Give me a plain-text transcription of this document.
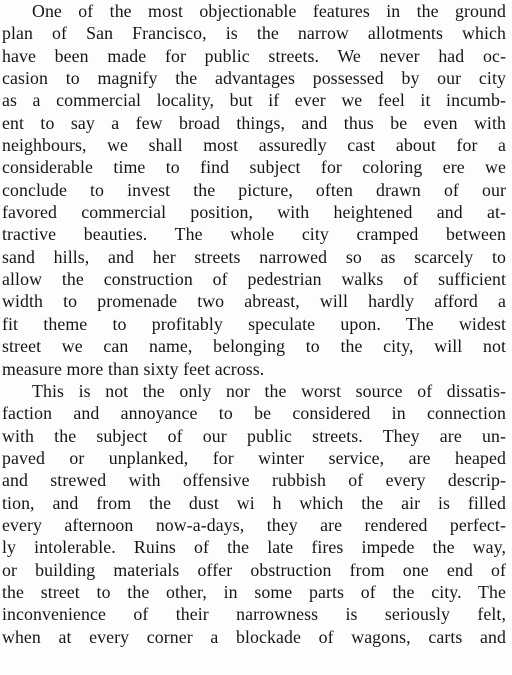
One of the most objectionable features in the ground
plan of San Francisco, is the narrow allotments which
have been made for public streets. We never had oc-
casion to magnify the advantages possessed by our city
as a commercial locality, but if ever we feel it incumb-
ent to say a few broad things, and thus be even with
neighbours, we shall most assuredly cast about for a
considerable time to find subject for coloring ere we
conclude to invest the picture, often drawn of our
favored commercial position, with heightened and at-
tractive beauties. The whole city cramped between
sand hills, and her streets narrowed so as scarcely to
allow the construction of pedestrian walks of sufficient
width to promenade two abreast, will hardly afford a
fit theme to profitably speculate upon. The widest
street we can name, belonging to the city, will not
measure more than sixty feet across.
This is not the only nor the worst source of dissatis-
faction and annoyance to be considered in connection
with the subject of our public streets. They are un-
paved or unplanked, for winter service, are heaped
and strewed with offensive rubbish of every descrip-
tion, and from the dust wi h which the air is filled
every afternoon now-a-days, they are rendered perfect-
ly intolerable. Ruins of the late fires impede the way,
or building materials offer obstruction from one end of
the street to the other, in some parts of the city. The
inconvenience of their narrowness is seriously felt,
when at every corner a blockade of wagons, carts and
